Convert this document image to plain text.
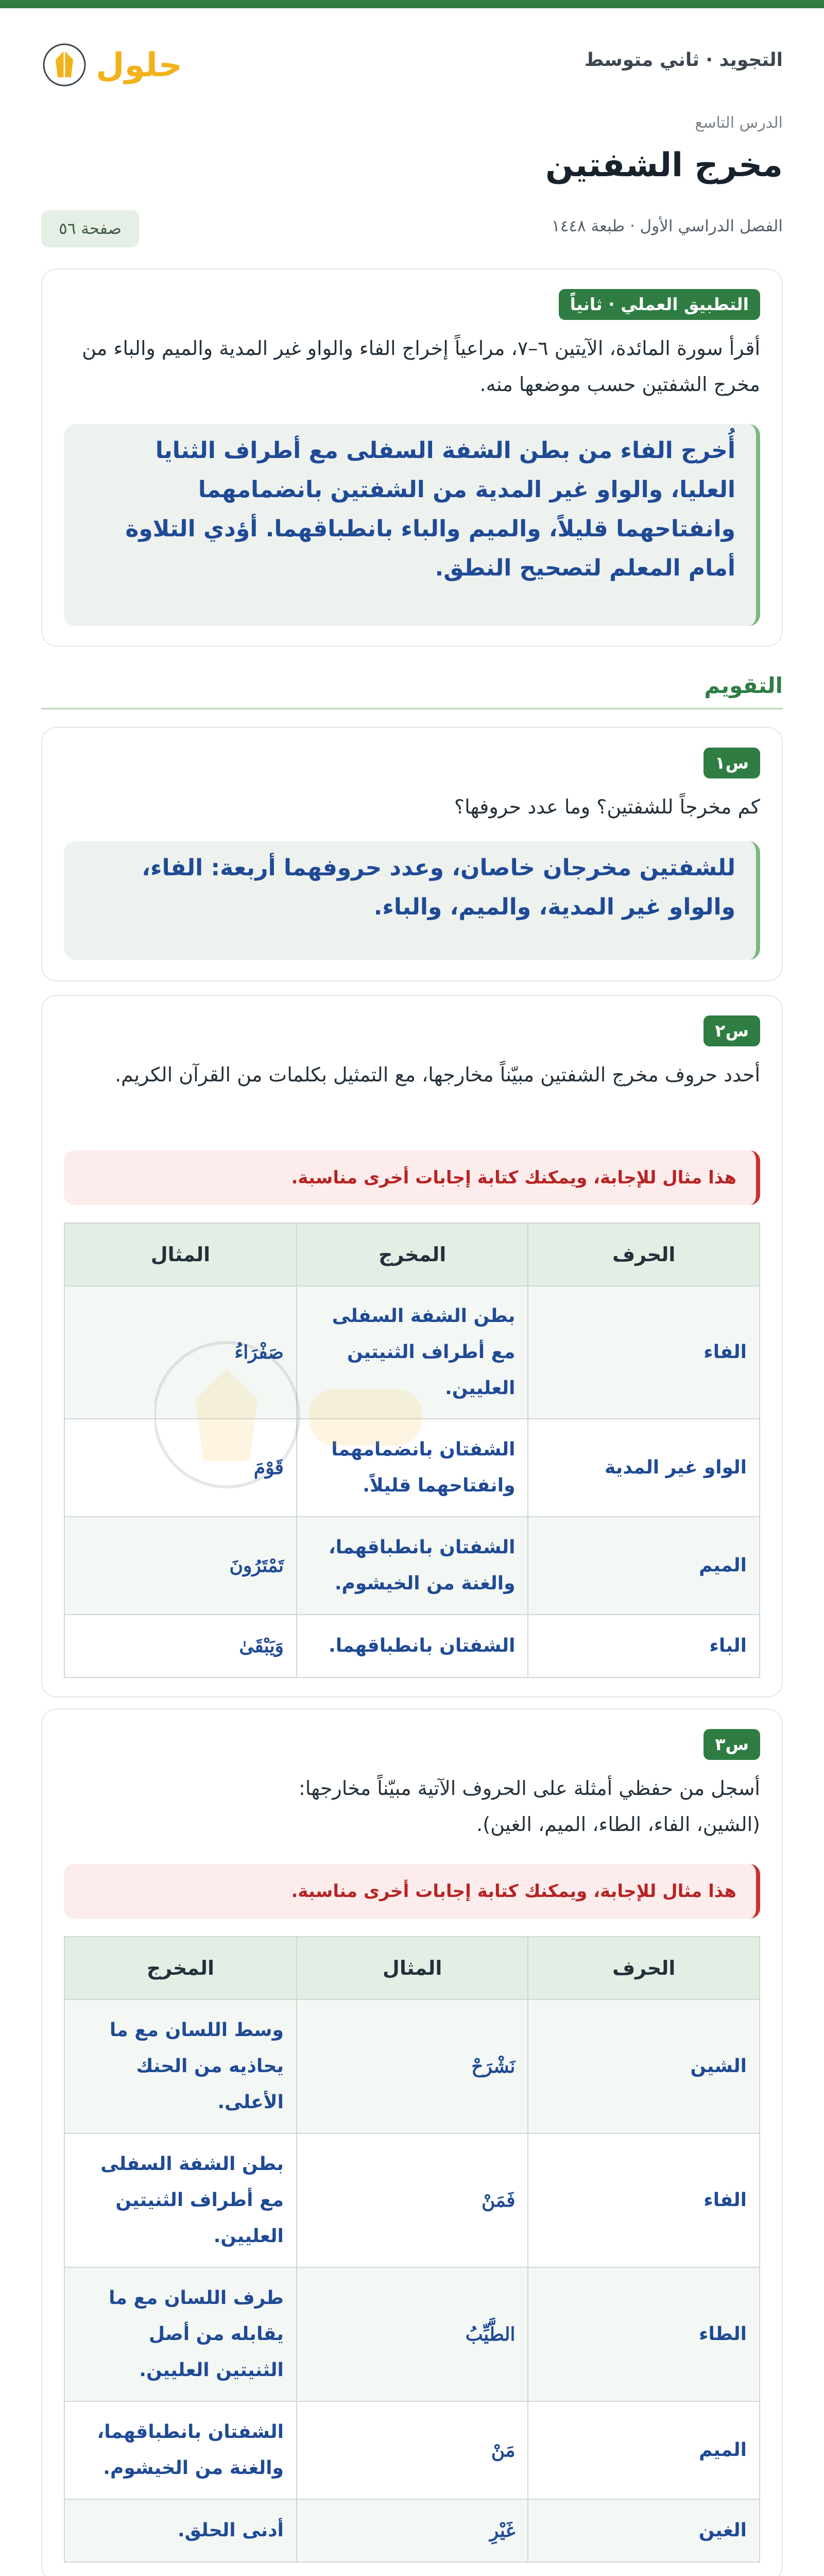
التجويد · ثاني متوسط
حلول
الدرس التاسع
مخرج الشفتين
الفصل الدراسي الأول · طبعة ١٤٤٨
صفحة ٥٦
التطبيق العملي · ثانياً
أقرأ سورة المائدة، الآيتين ٦–٧، مراعياً إخراج الفاء والواو غير المدية والميم والباء من مخرج الشفتين حسب موضعها منه.
أُخرج الفاء من بطن الشفة السفلى مع أطراف الثنايا العليا، والواو غير المدية من الشفتين بانضمامهما وانفتاحهما قليلاً، والميم والباء بانطباقهما. أؤدي التلاوة أمام المعلم لتصحيح النطق.
التقويم
س١
كم مخرجاً للشفتين؟ وما عدد حروفها؟
للشفتين مخرجان خاصان، وعدد حروفهما أربعة: الفاء، والواو غير المدية، والميم، والباء.
س٢
أحدد حروف مخرج الشفتين مبيّناً مخارجها، مع التمثيل بكلمات من القرآن الكريم.
هذا مثال للإجابة، ويمكنك كتابة إجابات أخرى مناسبة.
الحرف	المخرج	المثال
الفاء	بطن الشفة السفلى مع أطراف الثنيتين العليين.	صَفْرَاءُ
الواو غير المدية	الشفتان بانضمامهما وانفتاحهما قليلاً.	قَوْمَ
الميم	الشفتان بانطباقهما، والغنة من الخيشوم.	تَمْتَرُونَ
الباء	الشفتان بانطباقهما.	وَيَبْقَىٰ
س٣
أسجل من حفظي أمثلة على الحروف الآتية مبيّناً مخارجها:
(الشين، الفاء، الطاء، الميم، الغين).
هذا مثال للإجابة، ويمكنك كتابة إجابات أخرى مناسبة.
الحرف	المثال	المخرج
الشين	نَشْرَحْ	وسط اللسان مع ما يحاذيه من الحنك الأعلى.
الفاء	فَمَنْ	بطن الشفة السفلى مع أطراف الثنيتين العليين.
الطاء	الطَّيِّبُ	طرف اللسان مع ما يقابله من أصل الثنيتين العليين.
الميم	مَنْ	الشفتان بانطباقهما، والغنة من الخيشوم.
الغين	غَيْرِ	أدنى الحلق.
